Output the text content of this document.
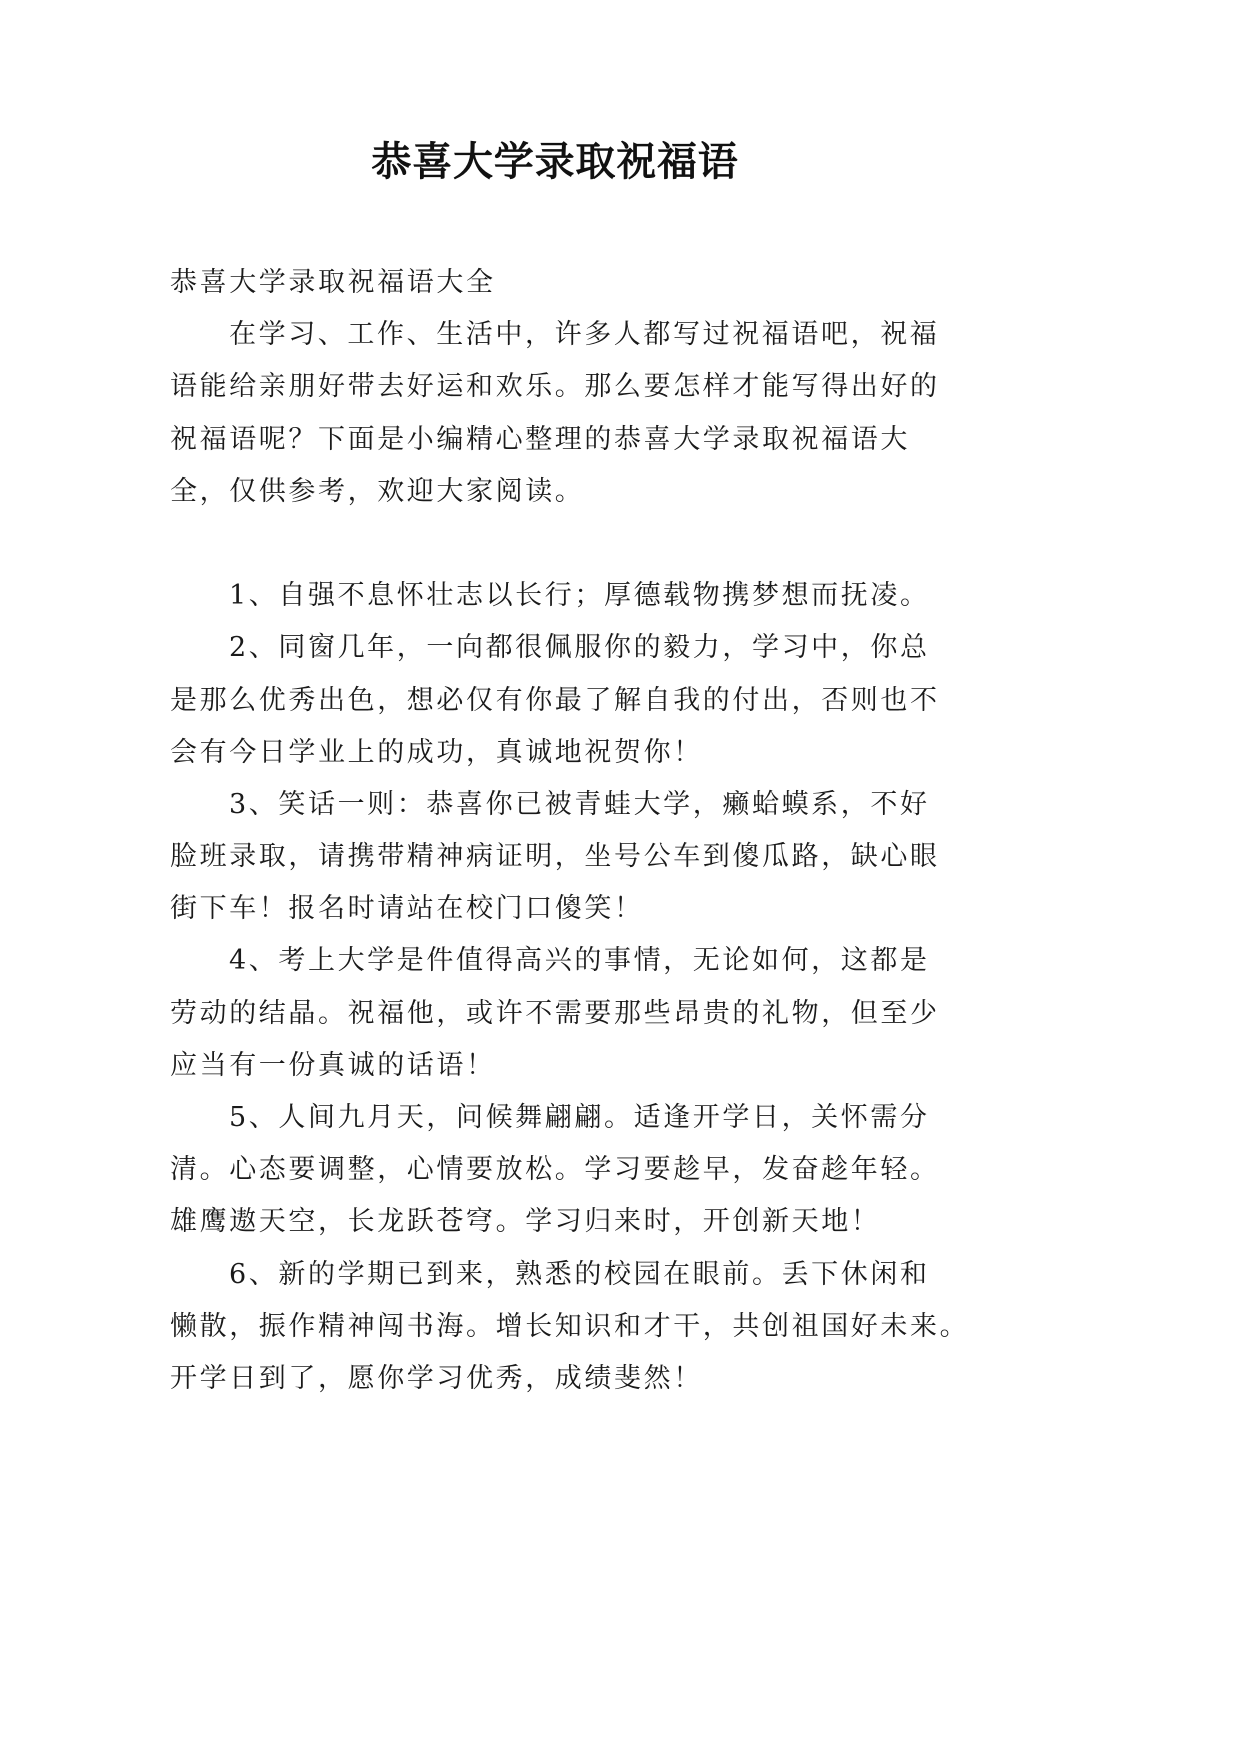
恭喜大学录取祝福语
恭喜大学录取祝福语大全
在学习、工作、生活中，许多人都写过祝福语吧，祝福
语能给亲朋好带去好运和欢乐。那么要怎样才能写得出好的
祝福语呢？下面是小编精心整理的恭喜大学录取祝福语大
全，仅供参考，欢迎大家阅读。
1、自强不息怀壮志以长行；厚德载物携梦想而抚凌。
2、同窗几年，一向都很佩服你的毅力，学习中，你总
是那么优秀出色，想必仅有你最了解自我的付出，否则也不
会有今日学业上的成功，真诚地祝贺你！
3、笑话一则：恭喜你已被青蛙大学，癞蛤蟆系，不好
脸班录取，请携带精神病证明，坐号公车到傻瓜路，缺心眼
街下车！报名时请站在校门口傻笑！
4、考上大学是件值得高兴的事情，无论如何，这都是
劳动的结晶。祝福他，或许不需要那些昂贵的礼物，但至少
应当有一份真诚的话语！
5、人间九月天，问候舞翩翩。适逢开学日，关怀需分
清。心态要调整，心情要放松。学习要趁早，发奋趁年轻。
雄鹰遨天空，长龙跃苍穹。学习归来时，开创新天地！
6、新的学期已到来，熟悉的校园在眼前。丢下休闲和
懒散，振作精神闯书海。增长知识和才干，共创祖国好未来。
开学日到了，愿你学习优秀，成绩斐然！
